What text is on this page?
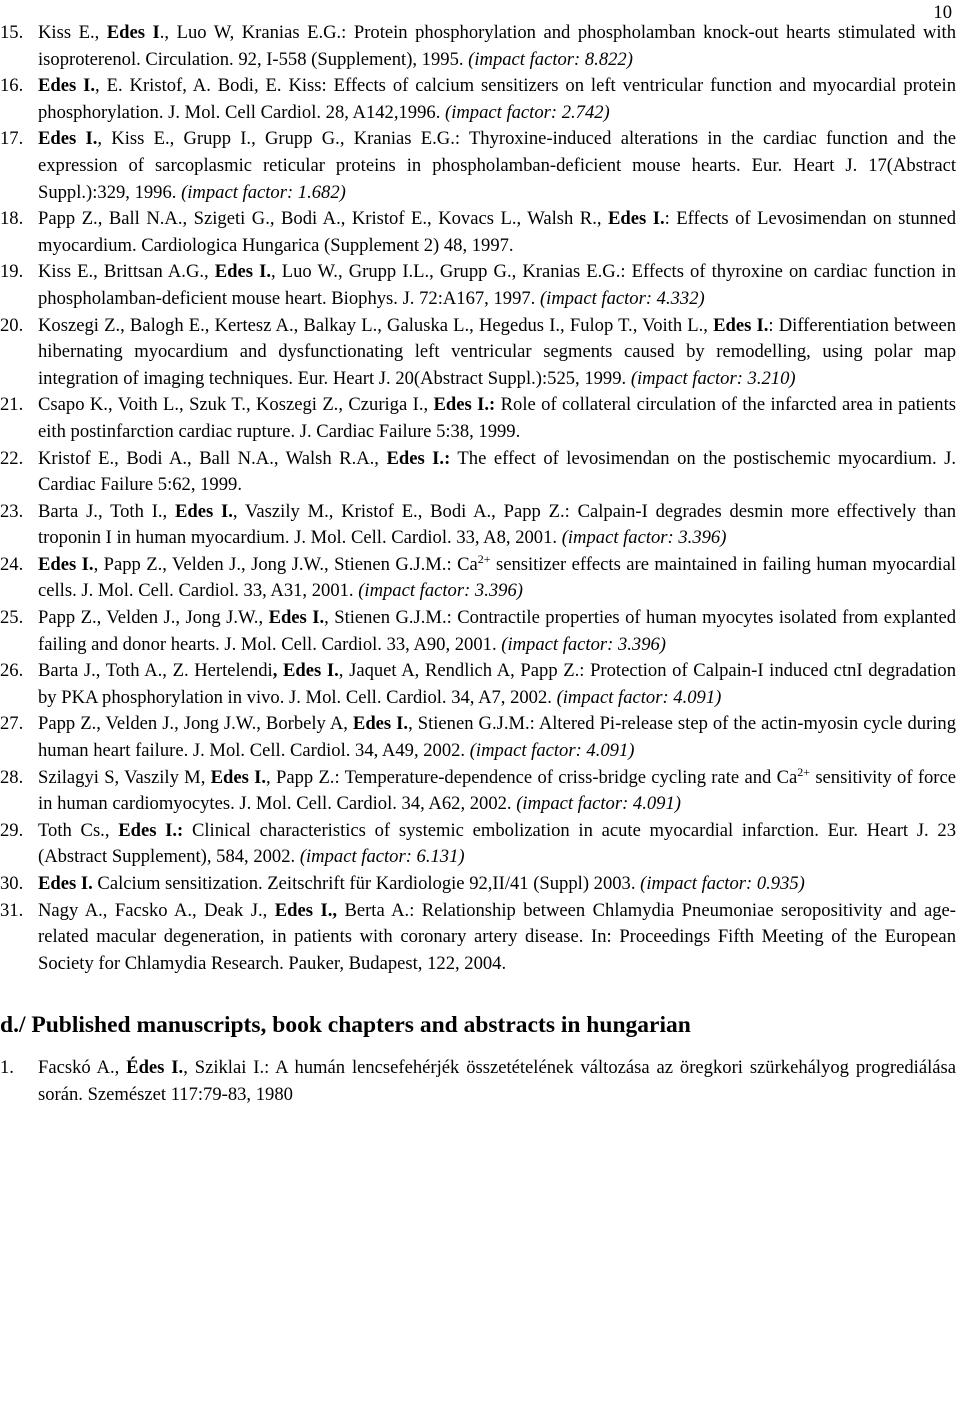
10

15. Kiss E., Edes I., Luo W, Kranias E.G.: Protein phosphorylation and phospholamban knock-out hearts stimulated with isoproterenol. Circulation. 92, I-558 (Supplement), 1995. (impact factor: 8.822)

16. Edes I., E. Kristof, A. Bodi, E. Kiss: Effects of calcium sensitizers on left ventricular function and myocardial protein phosphorylation. J. Mol. Cell Cardiol. 28, A142,1996. (impact factor: 2.742)

17. Edes I., Kiss E., Grupp I., Grupp G., Kranias E.G.: Thyroxine-induced alterations in the cardiac function and the expression of sarcoplasmic reticular proteins in phospholamban-deficient mouse hearts. Eur. Heart J. 17(Abstract Suppl.):329, 1996. (impact factor: 1.682)

18. Papp Z., Ball N.A., Szigeti G., Bodi A., Kristof E., Kovacs L., Walsh R., Edes I.: Effects of Levosimendan on stunned myocardium. Cardiologica Hungarica (Supplement 2) 48, 1997.

19. Kiss E., Brittsan A.G., Edes I., Luo W., Grupp I.L., Grupp G., Kranias E.G.: Effects of thyroxine on cardiac function in phospholamban-deficient mouse heart. Biophys. J. 72:A167, 1997. (impact factor: 4.332)

20. Koszegi Z., Balogh E., Kertesz A., Balkay L., Galuska L., Hegedus I., Fulop T., Voith L., Edes I.: Differentiation between hibernating myocardium and dysfunctionating left ventricular segments caused by remodelling, using polar map integration of imaging techniques. Eur. Heart J. 20(Abstract Suppl.):525, 1999. (impact factor: 3.210)

21. Csapo K., Voith L., Szuk T., Koszegi Z., Czuriga I., Edes I.: Role of collateral circulation of the infarcted area in patients eith postinfarction cardiac rupture. J. Cardiac Failure 5:38, 1999.

22. Kristof E., Bodi A., Ball N.A., Walsh R.A., Edes I.: The effect of levosimendan on the postischemic myocardium. J. Cardiac Failure 5:62, 1999.

23. Barta J., Toth I., Edes I., Vaszily M., Kristof E., Bodi A., Papp Z.: Calpain-I degrades desmin more effectively than troponin I in human myocardium. J. Mol. Cell. Cardiol. 33, A8, 2001. (impact factor: 3.396)

24. Edes I., Papp Z., Velden J., Jong J.W., Stienen G.J.M.: $Ca^{2+}$ sensitizer effects are maintained in failing human myocardial cells. J. Mol. Cell. Cardiol. 33, A31, 2001. (impact factor: 3.396)

25. Papp Z., Velden J., Jong J.W., Edes I., Stienen G.J.M.: Contractile properties of human myocytes isolated from explanted failing and donor hearts. J. Mol. Cell. Cardiol. 33, A90, 2001. (impact factor: 3.396)

26. Barta J., Toth A., Z. Hertelendi, Edes I., Jaquet A, Rendlich A, Papp Z.: Protection of Calpain-I induced ctnI degradation by PKA phosphorylation in vivo. J. Mol. Cell. Cardiol. 34, A7, 2002. (impact factor: 4.091)

27. Papp Z., Velden J., Jong J.W., Borbely A, Edes I., Stienen G.J.M.: Altered Pi-release step of the actin-myosin cycle during human heart failure. J. Mol. Cell. Cardiol. 34, A49, 2002. (impact factor: 4.091)

28. Szilagyi S, Vaszily M, Edes I., Papp Z.: Temperature-dependence of criss-bridge cycling rate and $Ca^{2+}$ sensitivity of force in human cardiomyocytes. J. Mol. Cell. Cardiol. 34, A62, 2002. (impact factor: 4.091)

29. Toth Cs., Edes I.: Clinical characteristics of systemic embolization in acute myocardial infarction. Eur. Heart J. 23 (Abstract Supplement), 584, 2002. (impact factor: 6.131)

30. Edes I. Calcium sensitization. Zeitschrift für Kardiologie 92,II/41 (Suppl) 2003. (impact factor: 0.935)

31. Nagy A., Facsko A., Deak J., Edes I., Berta A.: Relationship between Chlamydia Pneumoniae seropositivity and age-related macular degeneration, in patients with coronary artery disease. In: Proceedings Fifth Meeting of the European Society for Chlamydia Research. Pauker, Budapest, 122, 2004.

d./ Published manuscripts, book chapters and abstracts in hungarian

1. Facskó A., Édes I., Sziklai I.: A humán lencsefehérjék összetételének változása az öregkori szürkehályog progrediálása során. Szemészet 117:79-83, 1980
